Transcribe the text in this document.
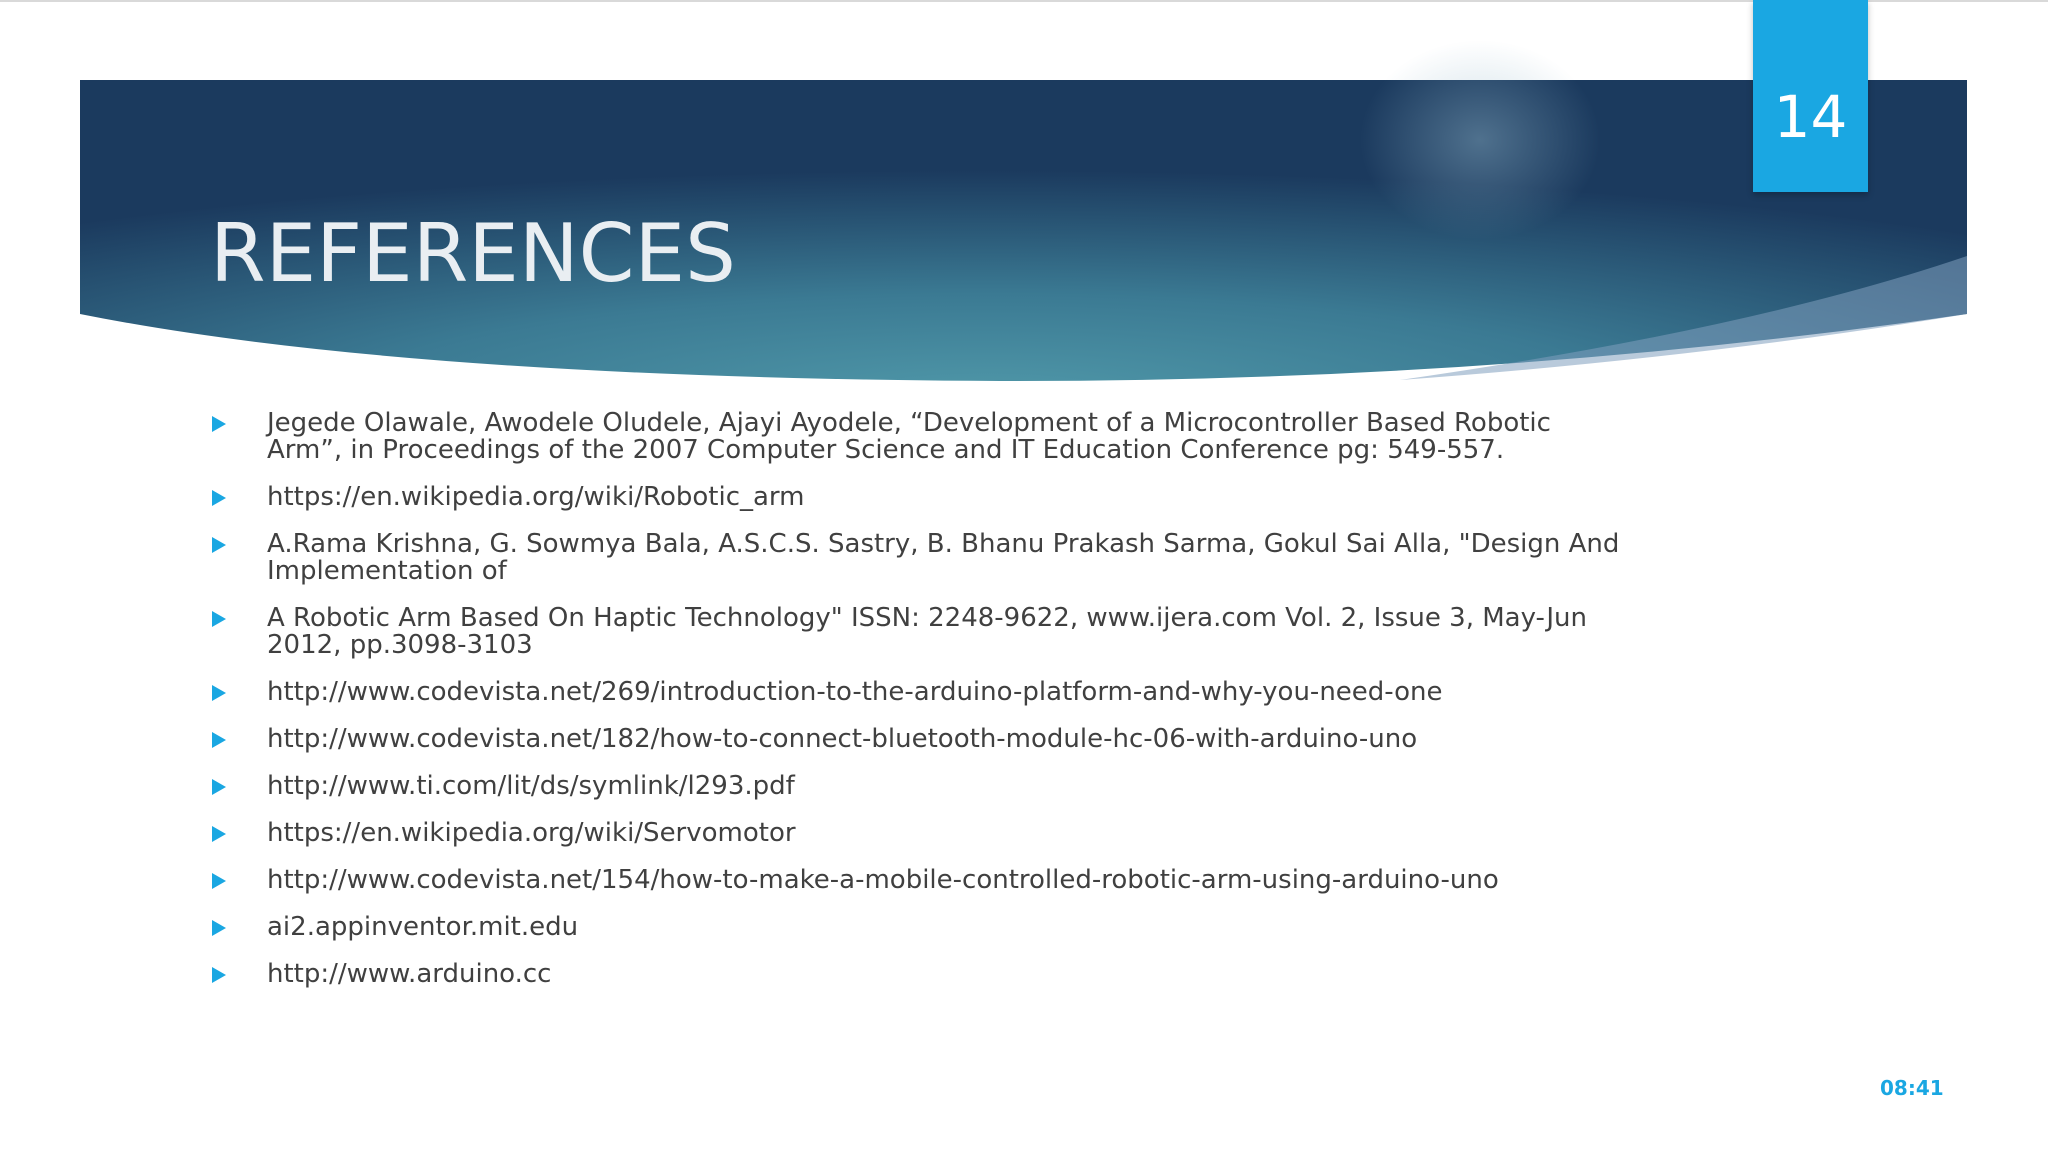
14
REFERENCES
Jegede Olawale, Awodele Oludele, Ajayi Ayodele, “Development of a Microcontroller Based Robotic Arm”, in Proceedings of the 2007 Computer Science and IT Education Conference pg: 549-557.
https://en.wikipedia.org/wiki/Robotic_arm
A.Rama Krishna, G. Sowmya Bala, A.S.C.S. Sastry, B. Bhanu Prakash Sarma, Gokul Sai Alla, "Design And Implementation of
A Robotic Arm Based On Haptic Technology" ISSN: 2248-9622, www.ijera.com Vol. 2, Issue 3, May-Jun 2012, pp.3098-3103
http://www.codevista.net/269/introduction-to-the-arduino-platform-and-why-you-need-one
http://www.codevista.net/182/how-to-connect-bluetooth-module-hc-06-with-arduino-uno
http://www.ti.com/lit/ds/symlink/l293.pdf
https://en.wikipedia.org/wiki/Servomotor
http://www.codevista.net/154/how-to-make-a-mobile-controlled-robotic-arm-using-arduino-uno
ai2.appinventor.mit.edu
http://www.arduino.cc
08:41
